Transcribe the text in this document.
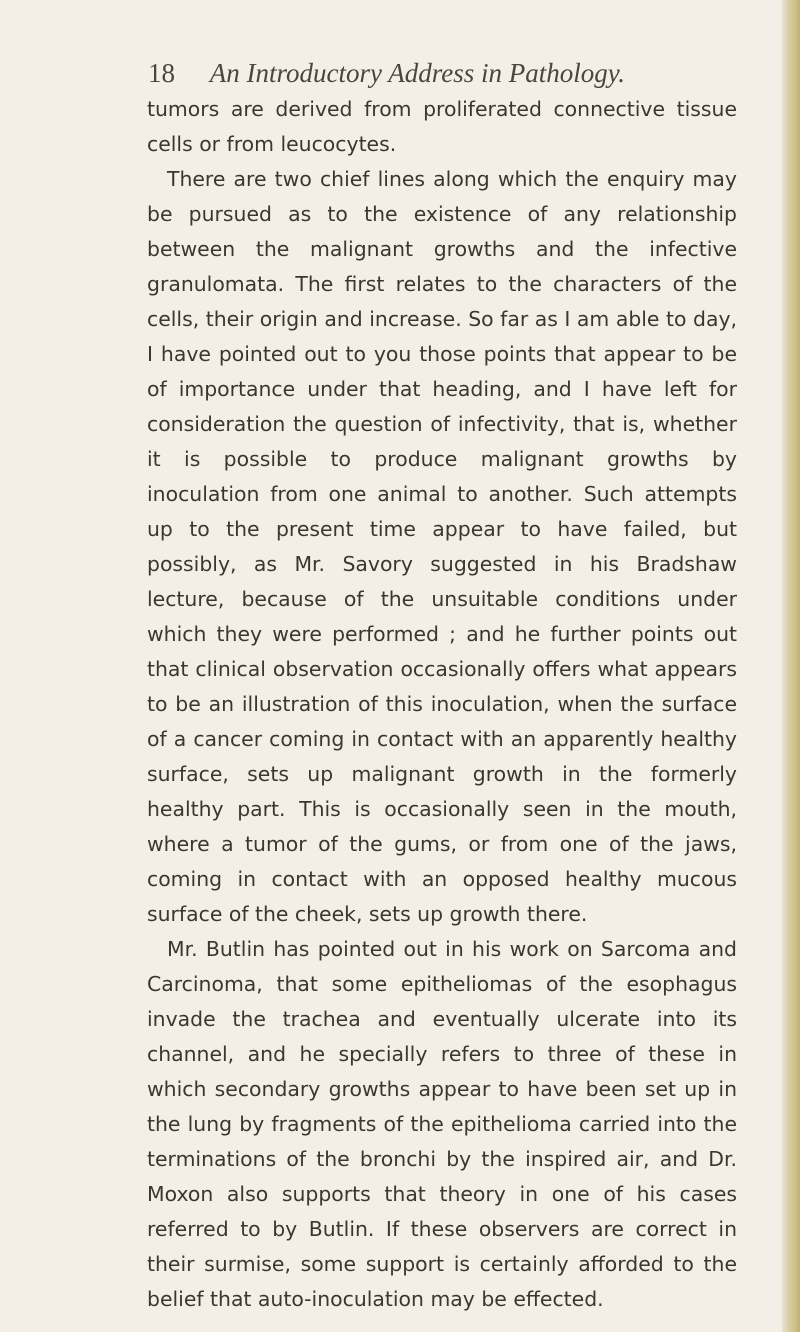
18 An Introductory Address in Pathology.

tumors are derived from proliferated connective tissue cells or from leucocytes.

There are two chief lines along which the enquiry may be pursued as to the existence of any relationship between the malignant growths and the infective granulomata. The first relates to the characters of the cells, their origin and increase. So far as I am able to day, I have pointed out to you those points that appear to be of importance under that heading, and I have left for consideration the question of infectivity, that is, whether it is possible to produce malignant growths by inoculation from one animal to another. Such attempts up to the present time appear to have failed, but possibly, as Mr. Savory suggested in his Bradshaw lecture, because of the unsuitable conditions under which they were performed ; and he further points out that clinical observation occasionally offers what appears to be an illustration of this inoculation, when the surface of a cancer coming in contact with an apparently healthy surface, sets up malignant growth in the formerly healthy part. This is occasionally seen in the mouth, where a tumor of the gums, or from one of the jaws, coming in contact with an opposed healthy mucous surface of the cheek, sets up growth there.

Mr. Butlin has pointed out in his work on Sarcoma and Carcinoma, that some epitheliomas of the esophagus invade the trachea and eventually ulcerate into its channel, and he specially refers to three of these in which secondary growths appear to have been set up in the lung by fragments of the epithelioma carried into the terminations of the bronchi by the inspired air, and Dr. Moxon also supports that theory in one of his cases referred to by Butlin. If these observers are correct in their surmise, some support is certainly afforded to the belief that auto-inoculation may be effected.
